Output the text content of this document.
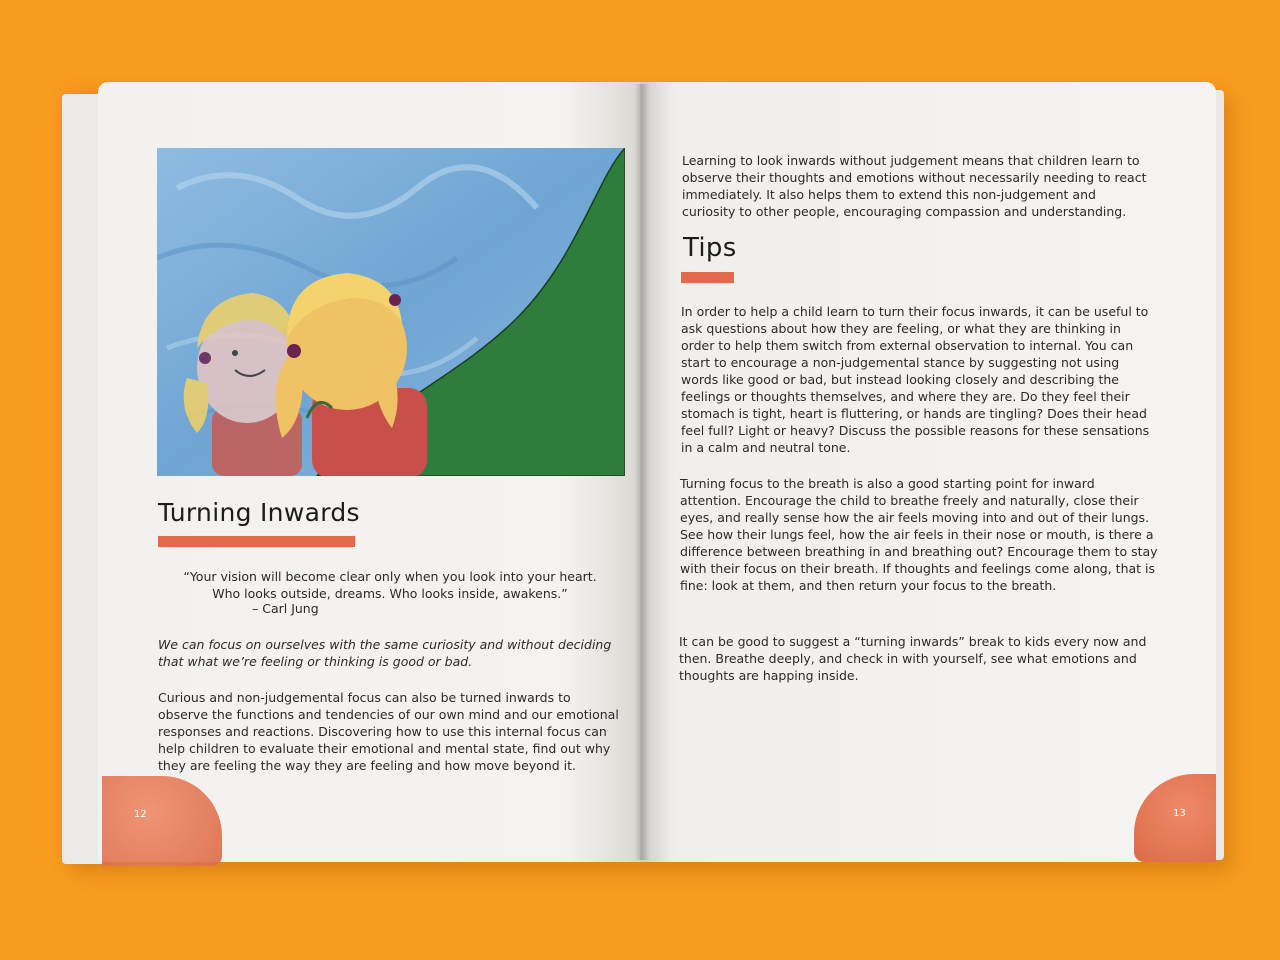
Turning Inwards

“Your vision will become clear only when you look into your heart.
Who looks outside, dreams. Who looks inside, awakens.”

– Carl Jung

We can focus on ourselves with the same curiosity and without deciding that what we’re feeling or thinking is good or bad.

Curious and non-judgemental focus can also be turned inwards to observe the functions and tendencies of our own mind and our emotional responses and reactions. Discovering how to use this internal focus can help children to evaluate their emotional and mental state, find out why they are feeling the way they are feeling and how move beyond it.

Learning to look inwards without judgement means that children learn to observe their thoughts and emotions without necessarily needing to react immediately. It also helps them to extend this non-judgement and curiosity to other people, encouraging compassion and understanding.

Tips

In order to help a child learn to turn their focus inwards, it can be useful to ask questions about how they are feeling, or what they are thinking in order to help them switch from external observation to internal. You can start to encourage a non-judgemental stance by suggesting not using words like good or bad, but instead looking closely and describing the feelings or thoughts themselves, and where they are. Do they feel their stomach is tight, heart is fluttering, or hands are tingling? Does their head feel full? Light or heavy? Discuss the possible reasons for these sensations in a calm and neutral tone.

Turning focus to the breath is also a good starting point for inward attention. Encourage the child to breathe freely and naturally, close their eyes, and really sense how the air feels moving into and out of their lungs. See how their lungs feel, how the air feels in their nose or mouth, is there a difference between breathing in and breathing out? Encourage them to stay with their focus on their breath. If thoughts and feelings come along, that is fine: look at them, and then return your focus to the breath.

It can be good to suggest a “turning inwards” break to kids every now and then. Breathe deeply, and check in with yourself, see what emotions and thoughts are happing inside.

12	13
